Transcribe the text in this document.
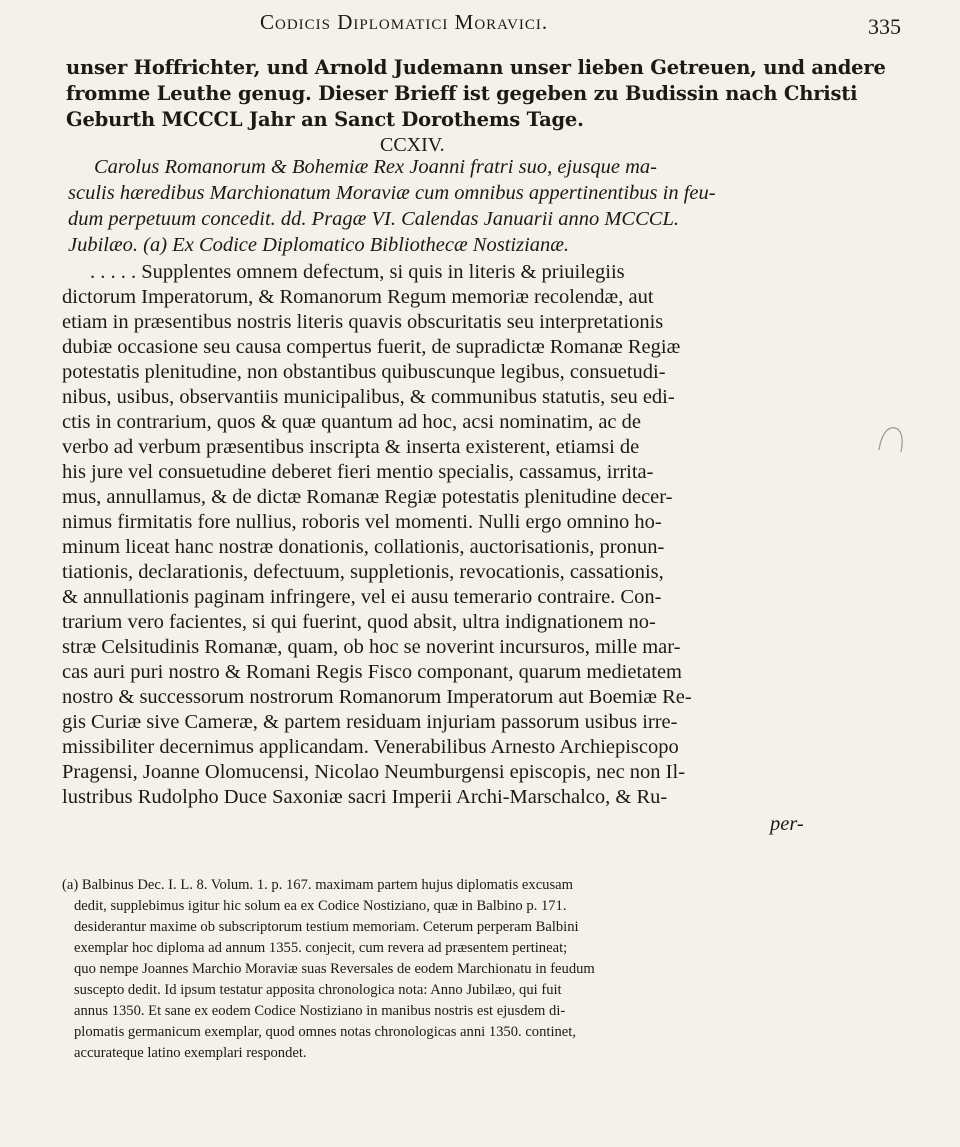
Codicis Diplomatici Moravici.	335
unser Hoffrichter, und Arnold Judemann unser lieben Getreuen, und andere
fromme Leuthe genug. Dieser Brieff ist gegeben zu Budissin nach Christi
Geburth MCCCL Jahr an Sanct Dorothems Tage.
CCXIV.
Carolus Romanorum & Bohemiæ Rex Joanni fratri suo, ejusque ma-
sculis hæredibus Marchionatum Moraviæ cum omnibus appertinentibus in feu-
dum perpetuum concedit. dd. Pragæ VI. Calendas Januarii anno MCCCL.
Jubilæo. (a) Ex Codice Diplomatico Bibliothecæ Nostizianæ.
. . . . . Supplentes omnem defectum, si quis in literis & priuilegiis
dictorum Imperatorum, & Romanorum Regum memoriæ recolendæ, aut
etiam in præsentibus nostris literis quavis obscuritatis seu interpretationis
dubiæ occasione seu causa compertus fuerit, de supradictæ Romanæ Regiæ
potestatis plenitudine, non obstantibus quibuscunque legibus, consuetudi-
nibus, usibus, observantiis municipalibus, & communibus statutis, seu edi-
ctis in contrarium, quos & quæ quantum ad hoc, acsi nominatim, ac de
verbo ad verbum præsentibus inscripta & inserta existerent, etiamsi de
his jure vel consuetudine deberet fieri mentio specialis, cassamus, irrita-
mus, annullamus, & de dictæ Romanæ Regiæ potestatis plenitudine decer-
nimus firmitatis fore nullius, roboris vel momenti. Nulli ergo omnino ho-
minum liceat hanc nostræ donationis, collationis, auctorisationis, pronun-
tiationis, declarationis, defectuum, suppletionis, revocationis, cassationis,
& annullationis paginam infringere, vel ei ausu temerario contraire. Con-
trarium vero facientes, si qui fuerint, quod absit, ultra indignationem no-
stræ Celsitudinis Romanæ, quam, ob hoc se noverint incursuros, mille mar-
cas auri puri nostro & Romani Regis Fisco componant, quarum medietatem
nostro & successorum nostrorum Romanorum Imperatorum aut Boemiæ Re-
gis Curiæ sive Cameræ, & partem residuam injuriam passorum usibus irre-
missibiliter decernimus applicandam. Venerabilibus Arnesto Archiepiscopo
Pragensi, Joanne Olomucensi, Nicolao Neumburgensi episcopis, nec non Il-
lustribus Rudolpho Duce Saxoniæ sacri Imperii Archi-Marschalco, & Ru-
per-
(a) Balbinus Dec. I. L. 8. Volum. 1. p. 167. maximam partem hujus diplomatis excusam
dedit, supplebimus igitur hic solum ea ex Codice Nostiziano, quæ in Balbino p. 171.
desiderantur maxime ob subscriptorum testium memoriam. Ceterum perperam Balbini
exemplar hoc diploma ad annum 1355. conjecit, cum revera ad præsentem pertineat;
quo nempe Joannes Marchio Moraviæ suas Reversales de eodem Marchionatu in feudum
susceptо dedit. Id ipsum testatur apposita chronologica nota: Anno Jubilæo, qui fuit
annus 1350. Et sane ex eodem Codice Nostiziano in manibus nostris est ejusdem di-
plomatis germanicum exemplar, quod omnes notas chronologicas anni 1350. continet,
accurateque latino exemplari respondet.
